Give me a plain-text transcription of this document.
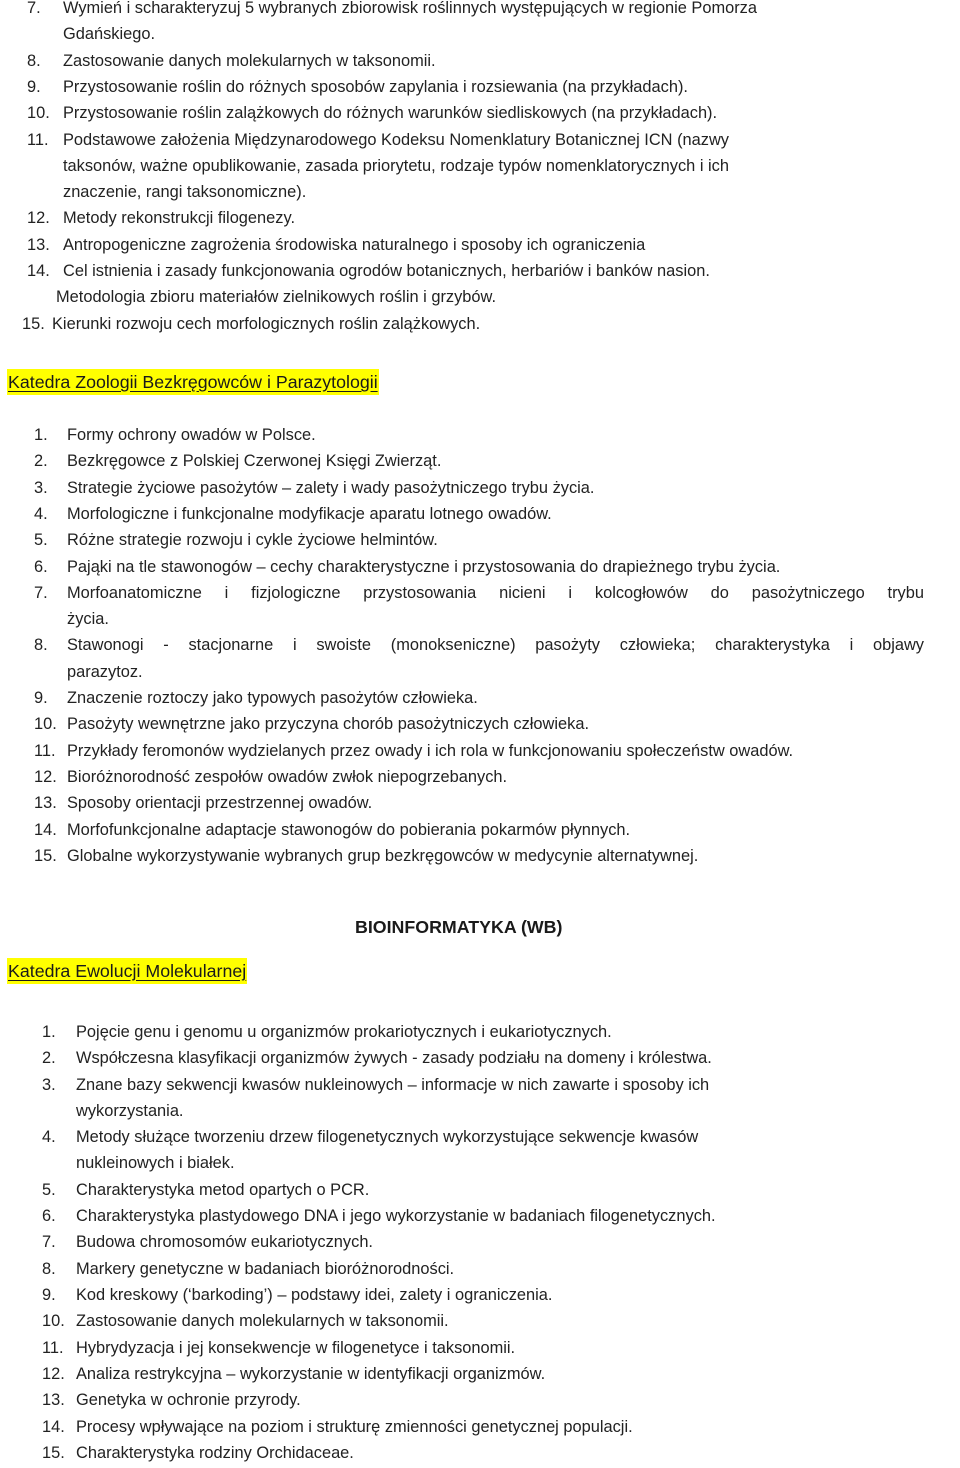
7. Wymień i scharakteryzuj 5 wybranych zbiorowisk roślinnych występujących w regionie Pomorza
Gdańskiego.
8. Zastosowanie danych molekularnych w taksonomii.
9. Przystosowanie roślin do różnych sposobów zapylania i rozsiewania (na przykładach).
10. Przystosowanie roślin zalążkowych do różnych warunków siedliskowych (na przykładach).
11. Podstawowe założenia Międzynarodowego Kodeksu Nomenklatury Botanicznej ICN (nazwy
taksonów, ważne opublikowanie, zasada priorytetu, rodzaje typów nomenklatorycznych i ich
znaczenie, rangi taksonomiczne).
12. Metody rekonstrukcji filogenezy.
13. Antropogeniczne zagrożenia środowiska naturalnego i sposoby ich ograniczenia
14. Cel istnienia i zasady funkcjonowania ogrodów botanicznych, herbariów i banków nasion.
Metodologia zbioru materiałów zielnikowych roślin i grzybów.
15. Kierunki rozwoju cech morfologicznych roślin zalążkowych.
Katedra Zoologii Bezkręgowców i Parazytologii
1. Formy ochrony owadów w Polsce.
2. Bezkręgowce z Polskiej Czerwonej Księgi Zwierząt.
3. Strategie życiowe pasożytów – zalety i wady pasożytniczego trybu życia.
4. Morfologiczne i funkcjonalne modyfikacje aparatu lotnego owadów.
5. Różne strategie rozwoju i cykle życiowe helmintów.
6. Pająki na tle stawonogów – cechy charakterystyczne i przystosowania do drapieżnego trybu życia.
7. Morfoanatomiczne i fizjologiczne przystosowania nicieni i kolcogłowów do pasożytniczego trybu
życia.
8. Stawonogi - stacjonarne i swoiste (monokseniczne) pasożyty człowieka; charakterystyka i objawy
parazytoz.
9. Znaczenie roztoczy jako typowych pasożytów człowieka.
10. Pasożyty wewnętrzne jako przyczyna chorób pasożytniczych człowieka.
11. Przykłady feromonów wydzielanych przez owady i ich rola w funkcjonowaniu społeczeństw owadów.
12. Bioróżnorodność zespołów owadów zwłok niepogrzebanych.
13. Sposoby orientacji przestrzennej owadów.
14. Morfofunkcjonalne adaptacje stawonogów do pobierania pokarmów płynnych.
15. Globalne wykorzystywanie wybranych grup bezkręgowców w medycynie alternatywnej.
BIOINFORMATYKA (WB)
Katedra Ewolucji Molekularnej
1. Pojęcie genu i genomu u organizmów prokariotycznych i eukariotycznych.
2. Współczesna klasyfikacji organizmów żywych - zasady podziału na domeny i królestwa.
3. Znane bazy sekwencji kwasów nukleinowych – informacje w nich zawarte i sposoby ich
wykorzystania.
4. Metody służące tworzeniu drzew filogenetycznych wykorzystujące sekwencje kwasów
nukleinowych i białek.
5. Charakterystyka metod opartych o PCR.
6. Charakterystyka plastydowego DNA i jego wykorzystanie w badaniach filogenetycznych.
7. Budowa chromosomów eukariotycznych.
8. Markery genetyczne w badaniach bioróżnorodności.
9. Kod kreskowy (‘barkoding’) – podstawy idei, zalety i ograniczenia.
10. Zastosowanie danych molekularnych w taksonomii.
11. Hybrydyzacja i jej konsekwencje w filogenetyce i taksonomii.
12. Analiza restrykcyjna – wykorzystanie w identyfikacji organizmów.
13. Genetyka w ochronie przyrody.
14. Procesy wpływające na poziom i strukturę zmienności genetycznej populacji.
15. Charakterystyka rodziny Orchidaceae.
